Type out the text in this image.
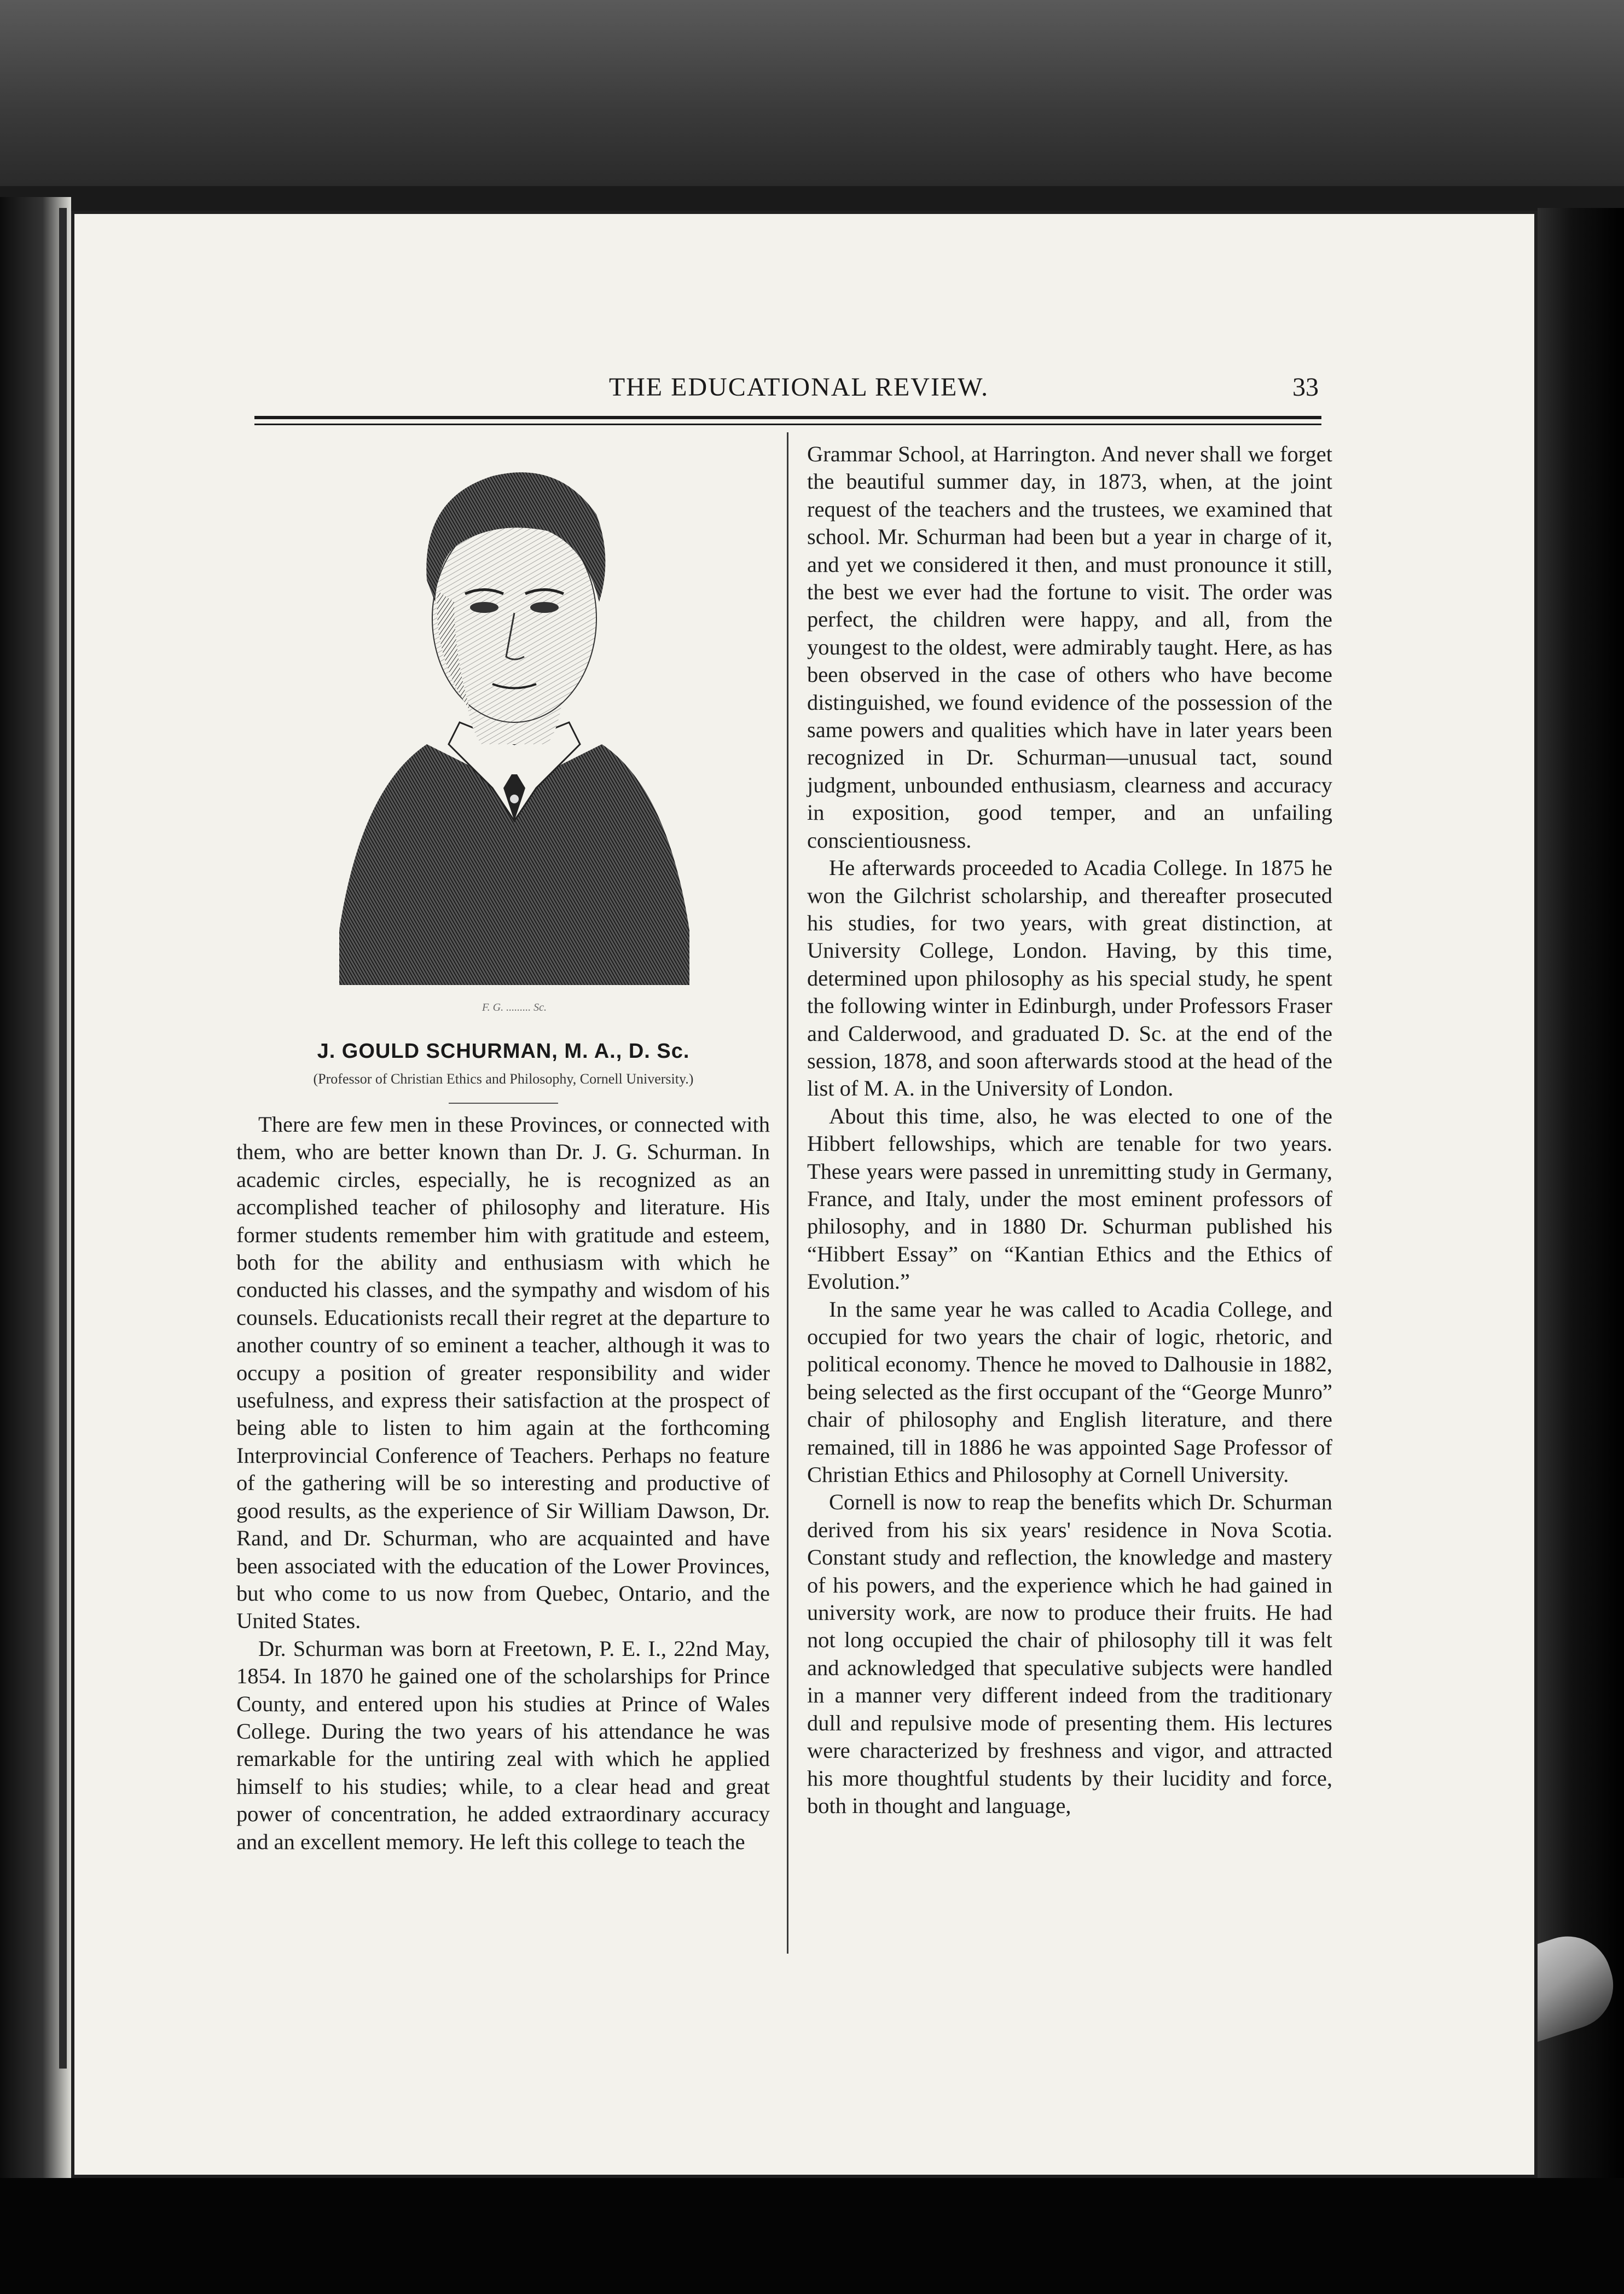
THE EDUCATIONAL REVIEW.	33
F. G. ......... Sc.
J. GOULD SCHURMAN, M. A., D. Sc.
(Professor of Christian Ethics and Philosophy, Cornell University.)

There are few men in these Provinces, or connected with them, who are better known than Dr. J. G. Schurman. In academic circles, especially, he is recognized as an accomplished teacher of philosophy and literature. His former students remember him with gratitude and esteem, both for the ability and enthusiasm with which he conducted his classes, and the sympathy and wisdom of his counsels. Educationists recall their regret at the departure to another country of so eminent a teacher, although it was to occupy a position of greater responsibility and wider usefulness, and express their satisfaction at the prospect of being able to listen to him again at the forthcoming Interprovincial Conference of Teachers. Perhaps no feature of the gathering will be so interesting and productive of good results, as the experience of Sir William Dawson, Dr. Rand, and Dr. Schurman, who are acquainted and have been associated with the education of the Lower Provinces, but who come to us now from Quebec, Ontario, and the United States.

Dr. Schurman was born at Freetown, P. E. I., 22nd May, 1854. In 1870 he gained one of the scholarships for Prince County, and entered upon his studies at Prince of Wales College. During the two years of his attendance he was remarkable for the untiring zeal with which he applied himself to his studies; while, to a clear head and great power of concentration, he added extraordinary accuracy and an excellent memory. He left this college to teach the

Grammar School, at Harrington. And never shall we forget the beautiful summer day, in 1873, when, at the joint request of the teachers and the trustees, we examined that school. Mr. Schurman had been but a year in charge of it, and yet we considered it then, and must pronounce it still, the best we ever had the fortune to visit. The order was perfect, the children were happy, and all, from the youngest to the oldest, were admirably taught. Here, as has been observed in the case of others who have become distinguished, we found evidence of the possession of the same powers and qualities which have in later years been recognized in Dr. Schurman—unusual tact, sound judgment, unbounded enthusiasm, clearness and accuracy in exposition, good temper, and an unfailing conscientiousness.

He afterwards proceeded to Acadia College. In 1875 he won the Gilchrist scholarship, and thereafter prosecuted his studies, for two years, with great distinction, at University College, London. Having, by this time, determined upon philosophy as his special study, he spent the following winter in Edinburgh, under Professors Fraser and Calderwood, and graduated D. Sc. at the end of the session, 1878, and soon afterwards stood at the head of the list of M. A. in the University of London.

About this time, also, he was elected to one of the Hibbert fellowships, which are tenable for two years. These years were passed in unremitting study in Germany, France, and Italy, under the most eminent professors of philosophy, and in 1880 Dr. Schurman published his “Hibbert Essay” on “Kantian Ethics and the Ethics of Evolution.”

In the same year he was called to Acadia College, and occupied for two years the chair of logic, rhetoric, and political economy. Thence he moved to Dalhousie in 1882, being selected as the first occupant of the “George Munro” chair of philosophy and English literature, and there remained, till in 1886 he was appointed Sage Professor of Christian Ethics and Philosophy at Cornell University.

Cornell is now to reap the benefits which Dr. Schurman derived from his six years' residence in Nova Scotia. Constant study and reflection, the knowledge and mastery of his powers, and the experience which he had gained in university work, are now to produce their fruits. He had not long occupied the chair of philosophy till it was felt and acknowledged that speculative subjects were handled in a manner very different indeed from the traditionary dull and repulsive mode of presenting them. His lectures were characterized by freshness and vigor, and attracted his more thoughtful students by their lucidity and force, both in thought and language,
